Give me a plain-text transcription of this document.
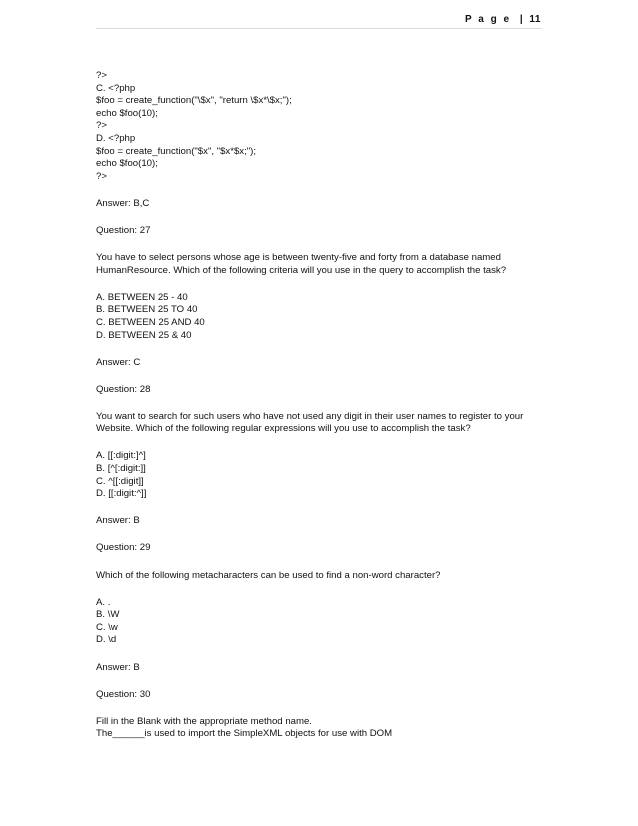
P a g e | 11
?>
C. <?php
$foo = create_function("\$x", "return \$x*\$x;");
echo $foo(10);
?>
D. <?php
$foo = create_function("$x", "$x*$x;");
echo $foo(10);
?>
Answer: B,C
Question: 27
You have to select persons whose age is between twenty-five and forty from a database named
HumanResource. Which of the following criteria will you use in the query to accomplish the task?
A. BETWEEN 25 - 40
B. BETWEEN 25 TO 40
C. BETWEEN 25 AND 40
D. BETWEEN 25 & 40
Answer: C
Question: 28
You want to search for such users who have not used any digit in their user names to register to your
Website. Which of the following regular expressions will you use to accomplish the task?
A. [[:digit:]^]
B. [^[:digit:]]
C. ^[[:digit]]
D. [[:digit:^]]
Answer: B
Question: 29
Which of the following metacharacters can be used to find a non-word character?
A. .
B. \W
C. \w
D. \d
Answer: B
Question: 30
Fill in the Blank with the appropriate method name.
The______is used to import the SimpleXML objects for use with DOM
